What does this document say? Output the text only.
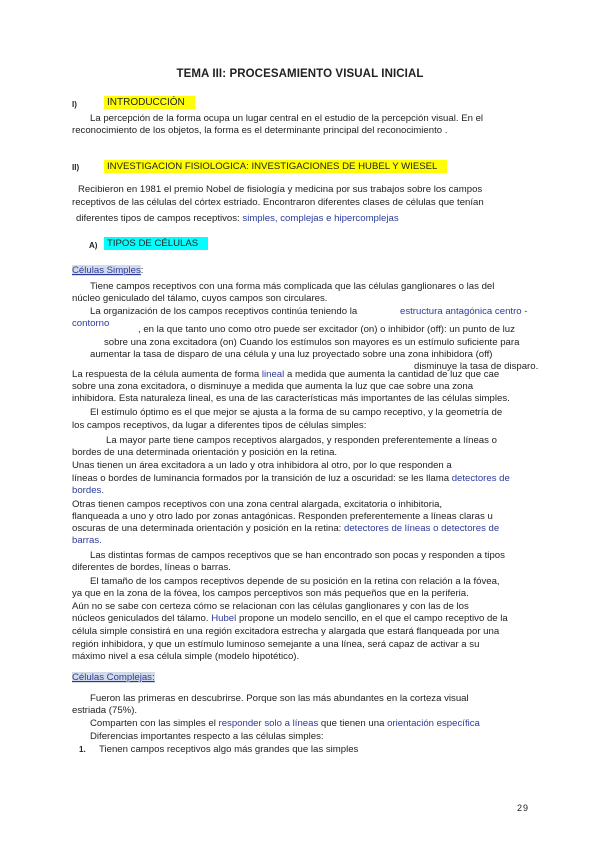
TEMA III: PROCESAMIENTO VISUAL INICIAL
I)	INTRODUCCIÓN
La percepción de la forma ocupa un lugar central en el estudio de la percepción visual. En el
reconocimiento de los objetos, la forma es el determinante principal del reconocimiento .
II)	INVESTIGACION FISIOLOGICA: INVESTIGACIONES DE HUBEL Y WIESEL
Recibieron en 1981 el premio Nobel de fisiología y medicina por sus trabajos sobre los campos
receptivos de las células del córtex estriado. Encontraron diferentes clases de células que tenían
diferentes tipos de campos receptivos: simples, complejas e hipercomplejas
A) TIPOS DE CÉLULAS
Células Simples:
Tiene campos receptivos con una forma más complicada que las células ganglionares o las del
núcleo geniculado del tálamo, cuyos campos son circulares.
La organización de los campos receptivos continúa teniendo la	estructura antagónica centro -
contorno
, en la que tanto uno como otro puede ser excitador (on) o inhibidor (off): un punto de luz
sobre una zona excitadora (on) Cuando los estímulos son mayores es un estímulo suficiente para
aumentar la tasa de disparo de una célula y una luz proyectado sobre una zona inhibidora (off)
disminuye la tasa de disparo.
La respuesta de la célula aumenta de forma lineal a medida que aumenta la cantidad de luz que cae
sobre una zona excitadora, o disminuye a medida que aumenta la luz que cae sobre una zona
inhibidora. Esta naturaleza lineal, es una de las características más importantes de las células simples.
El estímulo óptimo es el que mejor se ajusta a la forma de su campo receptivo, y la geometría de
los campos receptivos, da lugar a diferentes tipos de células simples:
La mayor parte tiene campos receptivos alargados, y responden preferentemente a líneas o
bordes de una determinada orientación y posición en la retina.
Unas tienen un área excitadora a un lado y otra inhibidora al otro, por lo que responden a
líneas o bordes de luminancia formados por la transición de luz a oscuridad: se les llama detectores de
bordes.
Otras tienen campos receptivos con una zona central alargada, excitatoria o inhibitoria,
flanqueada a uno y otro lado por zonas antagónicas. Responden preferentemente a líneas claras u
oscuras de una determinada orientación y posición en la retina: detectores de líneas o detectores de
barras.
Las distintas formas de campos receptivos que se han encontrado son pocas y responden a tipos
diferentes de bordes, líneas o barras.
El tamaño de los campos receptivos depende de su posición en la retina con relación a la fóvea,
ya que en la zona de la fóvea, los campos perceptivos son más pequeños que en la periferia.
Aún no se sabe con certeza cómo se relacionan con las células ganglionares y con las de los
núcleos geniculados del tálamo. Hubel propone un modelo sencillo, en el que el campo receptivo de la
célula simple consistirá en una región excitadora estrecha y alargada que estará flanqueada por una
región inhibidora, y que un estímulo luminoso semejante a una línea, será capaz de activar a su
máximo nivel a esa célula simple (modelo hipotético).
Células Complejas:
Fueron las primeras en descubrirse. Porque son las más abundantes en la corteza visual
estriada (75%).
Comparten con las simples el responder solo a líneas que tienen una orientación específica
Diferencias importantes respecto a las células simples:
1. Tienen campos receptivos algo más grandes que las simples
29
